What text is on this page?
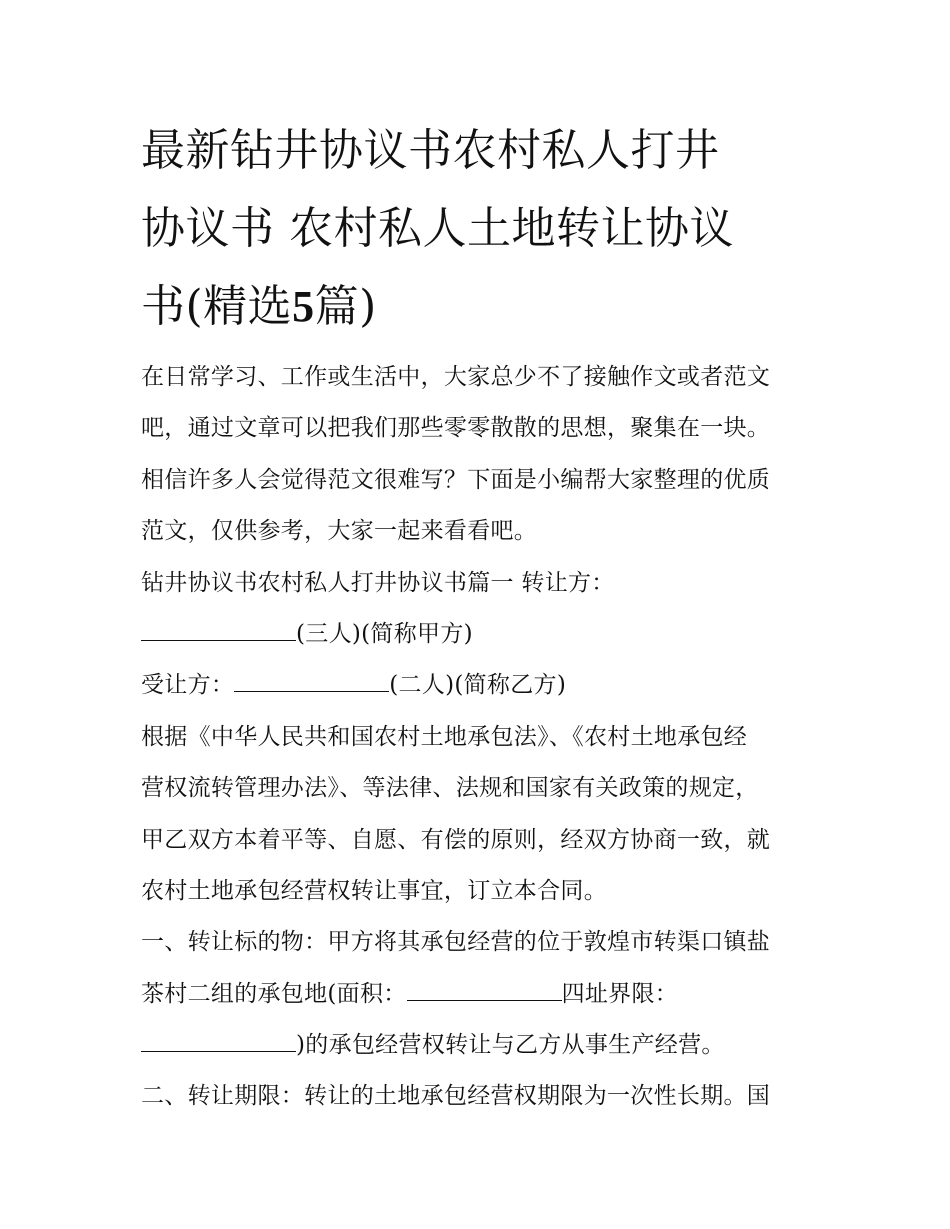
最新钻井协议书农村私人打井
协议书 农村私人土地转让协议
书(精选5篇)
在日常学习、工作或生活中，大家总少不了接触作文或者范文
吧，通过文章可以把我们那些零零散散的思想，聚集在一块。
相信许多人会觉得范文很难写？下面是小编帮大家整理的优质
范文，仅供参考，大家一起来看看吧。
钻井协议书农村私人打井协议书篇一 转让方：
(三人)(简称甲方)
受让方：	(二人)(简称乙方)
根据《中华人民共和国农村土地承包法》、《农村土地承包经
营权流转管理办法》、等法律、法规和国家有关政策的规定，
甲乙双方本着平等、自愿、有偿的原则，经双方协商一致，就
农村土地承包经营权转让事宜，订立本合同。
一、转让标的物：甲方将其承包经营的位于敦煌市转渠口镇盐
茶村二组的承包地(面积：	四址界限：
)的承包经营权转让与乙方从事生产经营。
二、转让期限：转让的土地承包经营权期限为一次性长期。国
